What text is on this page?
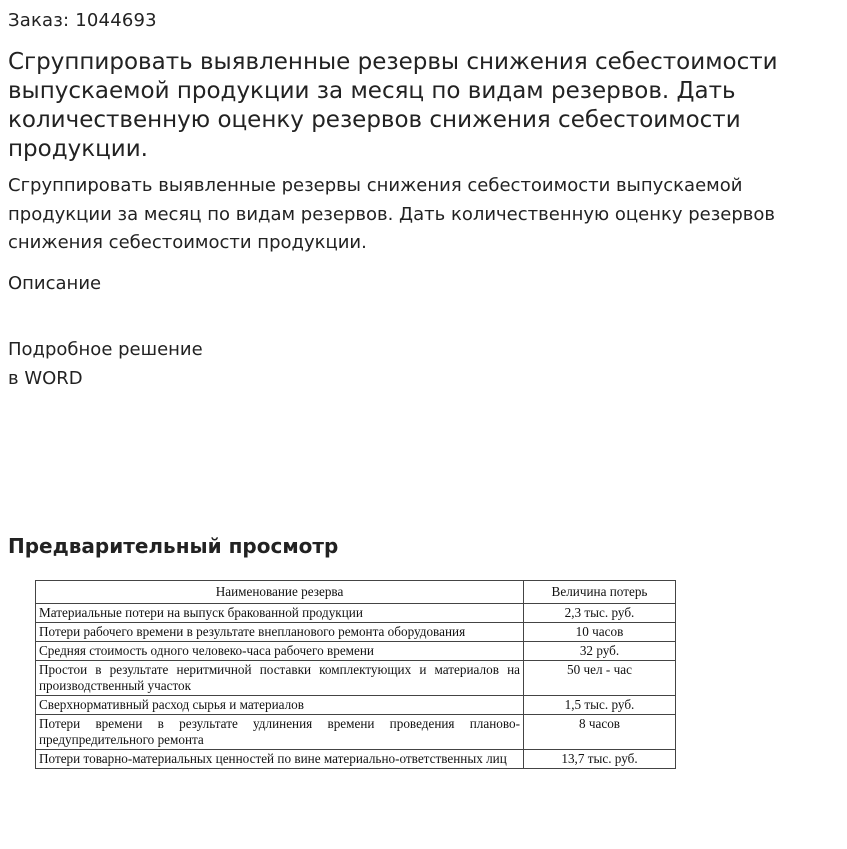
Заказ: 1044693
Сгруппировать выявленные резервы снижения себестоимости выпускаемой продукции за месяц по видам резервов. Дать количественную оценку резервов снижения себестоимости продукции.

Сгруппировать выявленные резервы снижения себестоимости выпускаемой продукции за месяц по видам резервов. Дать количественную оценку резервов снижения себестоимости продукции.

Описание
Подробное решение
в WORD
Предварительный просмотр
Наименование резерва	Величина потерь
Материальные потери на выпуск бракованной продукции	2,3 тыс. руб.
Потери рабочего времени в результате внепланового ремонта оборудования	10 часов
Средняя стоимость одного человеко-часа рабочего времени	32 руб.
Простои в результате неритмичной поставки комплектующих и материалов на производственный участок	50 чел - час
Сверхнормативный расход сырья и материалов	1,5 тыс. руб.
Потери времени в результате удлинения времени проведения планово-предупредительного ремонта	8 часов
Потери товарно-материальных ценностей по вине материально-ответственных лиц	13,7 тыс. руб.
